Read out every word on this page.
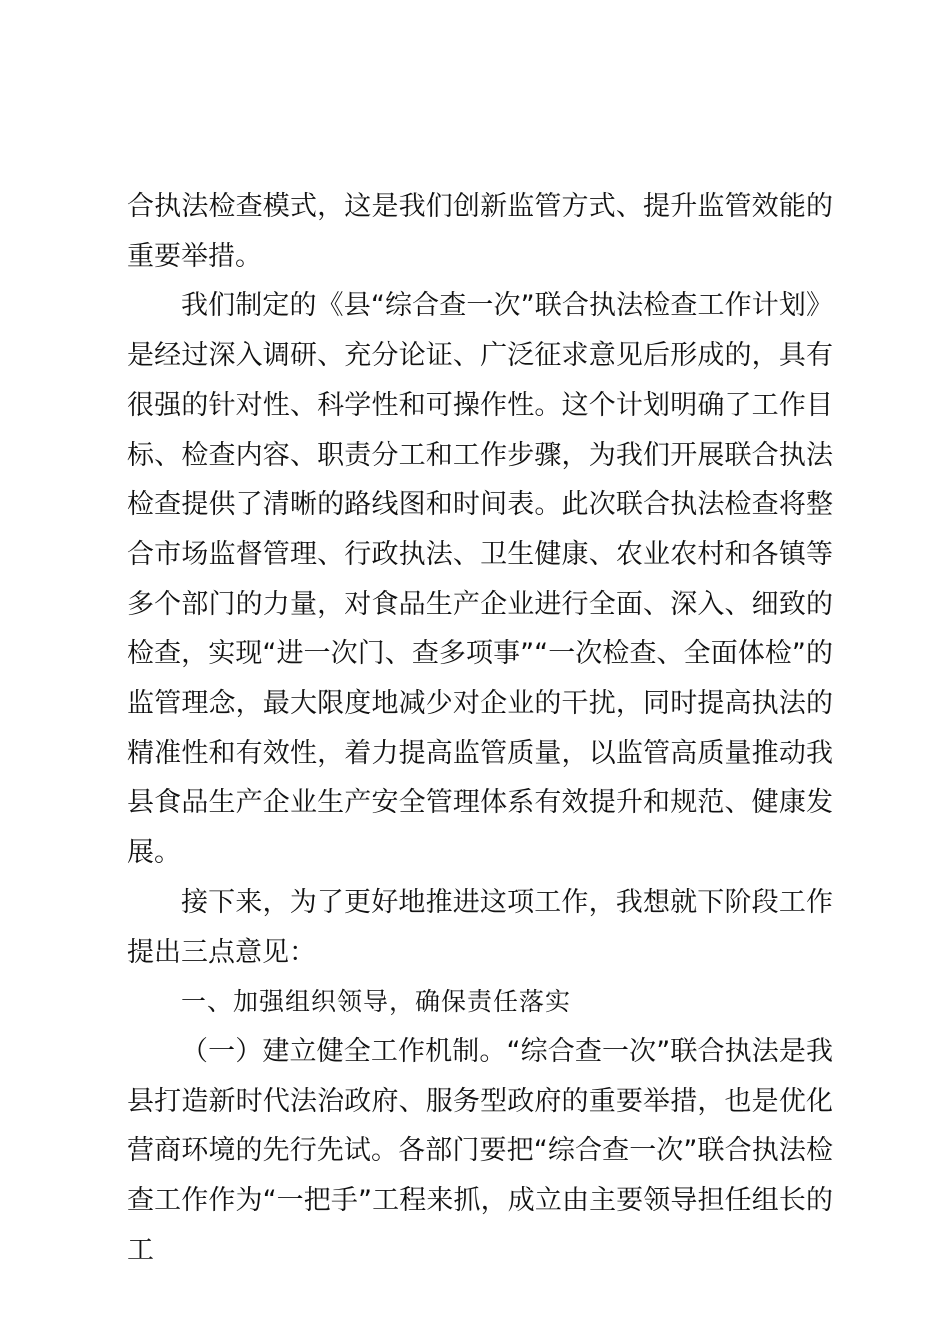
合执法检查模式，这是我们创新监管方式、提升监管效能的重要举措。

我们制定的《县“综合查一次”联合执法检查工作计划》是经过深入调研、充分论证、广泛征求意见后形成的，具有很强的针对性、科学性和可操作性。这个计划明确了工作目标、检查内容、职责分工和工作步骤，为我们开展联合执法检查提供了清晰的路线图和时间表。此次联合执法检查将整合市场监督管理、行政执法、卫生健康、农业农村和各镇等多个部门的力量，对食品生产企业进行全面、深入、细致的检查，实现“进一次门、查多项事”“一次检查、全面体检”的监管理念，最大限度地减少对企业的干扰，同时提高执法的精准性和有效性，着力提高监管质量，以监管高质量推动我县食品生产企业生产安全管理体系有效提升和规范、健康发展。

接下来，为了更好地推进这项工作，我想就下阶段工作提出三点意见：

一、加强组织领导，确保责任落实

（一）建立健全工作机制。“综合查一次”联合执法是我县打造新时代法治政府、服务型政府的重要举措，也是优化营商环境的先行先试。各部门要把“综合查一次”联合执法检查工作作为“一把手”工程来抓，成立由主要领导担任组长的工
